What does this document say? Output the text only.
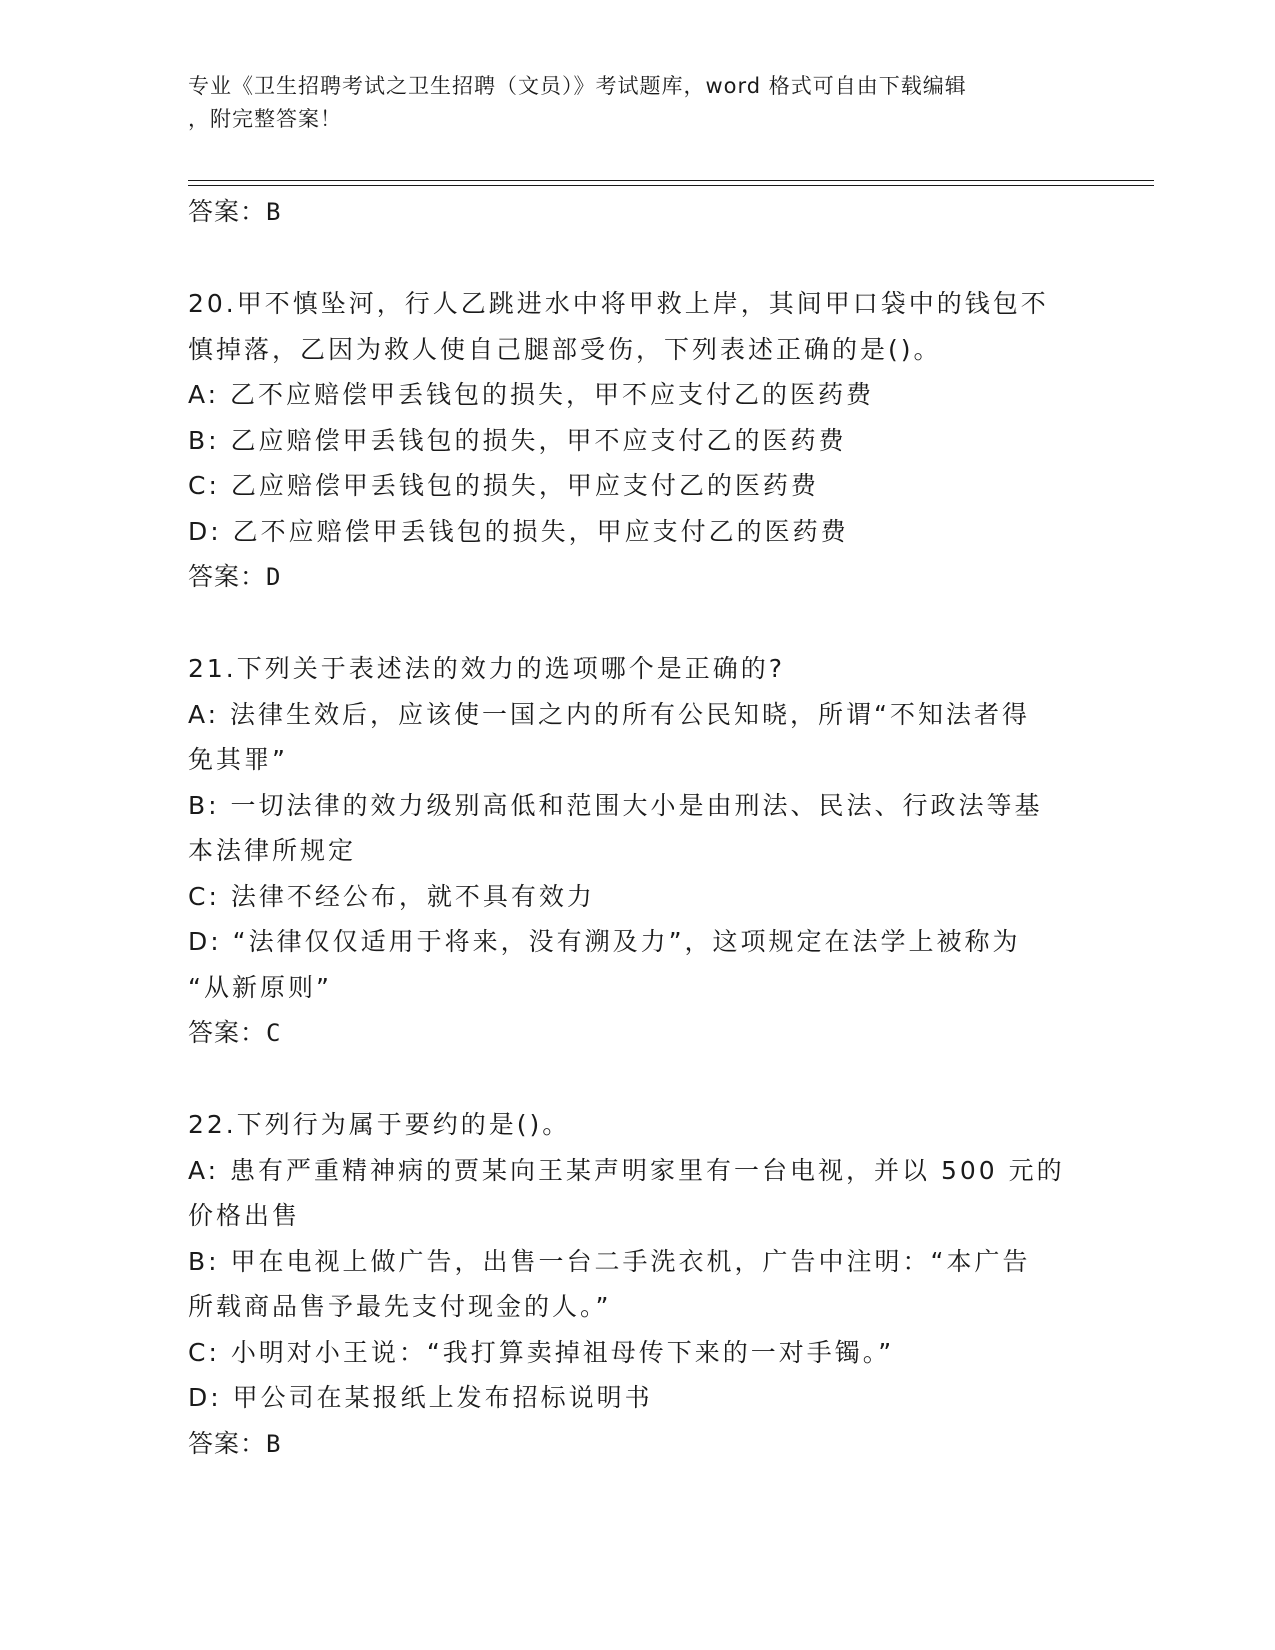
专业《卫生招聘考试之卫生招聘（文员）》考试题库，word 格式可自由下载编辑
，附完整答案！
答案：B
20.甲不慎坠河，行人乙跳进水中将甲救上岸，其间甲口袋中的钱包不
慎掉落，乙因为救人使自己腿部受伤，下列表述正确的是()。
A: 乙不应赔偿甲丢钱包的损失，甲不应支付乙的医药费
B: 乙应赔偿甲丢钱包的损失，甲不应支付乙的医药费
C: 乙应赔偿甲丢钱包的损失，甲应支付乙的医药费
D: 乙不应赔偿甲丢钱包的损失，甲应支付乙的医药费
答案：D
21.下列关于表述法的效力的选项哪个是正确的?
A: 法律生效后，应该使一国之内的所有公民知晓，所谓“不知法者得
免其罪”
B: 一切法律的效力级别高低和范围大小是由刑法、民法、行政法等基
本法律所规定
C: 法律不经公布，就不具有效力
D: “法律仅仅适用于将来，没有溯及力”，这项规定在法学上被称为
“从新原则”
答案：C
22.下列行为属于要约的是()。
A: 患有严重精神病的贾某向王某声明家里有一台电视，并以 500 元的
价格出售
B: 甲在电视上做广告，出售一台二手洗衣机，广告中注明：“本广告
所载商品售予最先支付现金的人。”
C: 小明对小王说：“我打算卖掉祖母传下来的一对手镯。”
D: 甲公司在某报纸上发布招标说明书
答案：B
